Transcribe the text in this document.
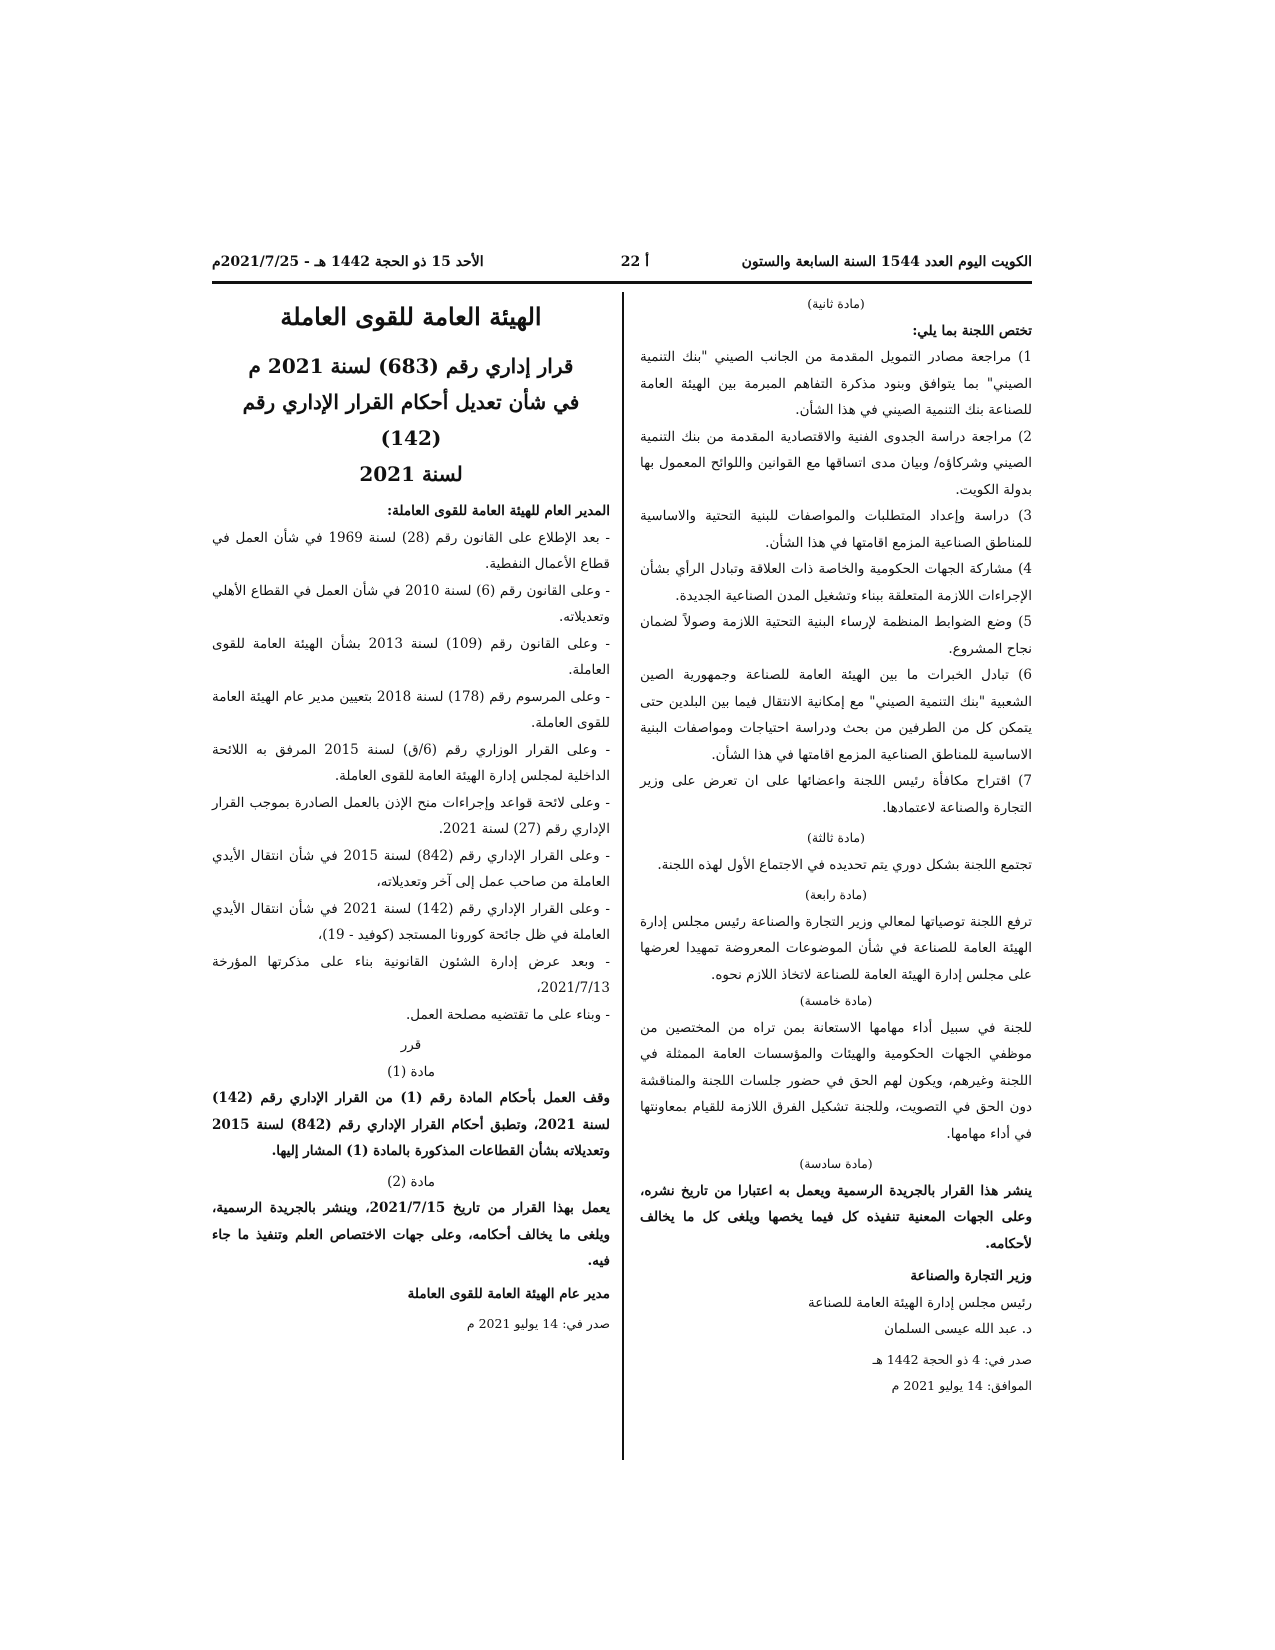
الكويت اليوم العدد 1544 السنة السابعة والستون
أ 22
الأحد 15 ذو الحجة 1442 هـ - 2021/7/25م

(مادة ثانية)

تختص اللجنة بما يلي:

1) مراجعة مصادر التمويل المقدمة من الجانب الصيني "بنك التنمية الصيني" بما يتوافق وبنود مذكرة التفاهم المبرمة بين الهيئة العامة للصناعة بنك التنمية الصيني في هذا الشأن.

2) مراجعة دراسة الجدوى الفنية والاقتصادية المقدمة من بنك التنمية الصيني وشركاؤه/ وبيان مدى اتساقها مع القوانين واللوائح المعمول بها بدولة الكويت.

3) دراسة وإعداد المتطلبات والمواصفات للبنية التحتية والاساسية للمناطق الصناعية المزمع اقامتها في هذا الشأن.

4) مشاركة الجهات الحكومية والخاصة ذات العلاقة وتبادل الرأي بشأن الإجراءات اللازمة المتعلقة ببناء وتشغيل المدن الصناعية الجديدة.

5) وضع الضوابط المنظمة لإرساء البنية التحتية اللازمة وصولاً لضمان نجاح المشروع.

6) تبادل الخبرات ما بين الهيئة العامة للصناعة وجمهورية الصين الشعبية "بنك التنمية الصيني" مع إمكانية الانتقال فيما بين البلدين حتى يتمكن كل من الطرفين من بحث ودراسة احتياجات ومواصفات البنية الاساسية للمناطق الصناعية المزمع اقامتها في هذا الشأن.

7) اقتراح مكافأة رئيس اللجنة واعضائها على ان تعرض على وزير التجارة والصناعة لاعتمادها.

(مادة ثالثة)

تجتمع اللجنة بشكل دوري يتم تحديده في الاجتماع الأول لهذه اللجنة.

(مادة رابعة)

ترفع اللجنة توصياتها لمعالي وزير التجارة والصناعة رئيس مجلس إدارة الهيئة العامة للصناعة في شأن الموضوعات المعروضة تمهيدا لعرضها على مجلس إدارة الهيئة العامة للصناعة لاتخاذ اللازم نحوه.

(مادة خامسة)

للجنة في سبيل أداء مهامها الاستعانة بمن تراه من المختصين من موظفي الجهات الحكومية والهيئات والمؤسسات العامة الممثلة في اللجنة وغيرهم، ويكون لهم الحق في حضور جلسات اللجنة والمناقشة دون الحق في التصويت، وللجنة تشكيل الفرق اللازمة للقيام بمعاونتها في أداء مهامها.

(مادة سادسة)

ينشر هذا القرار بالجريدة الرسمية ويعمل به اعتبارا من تاريخ نشره، وعلى الجهات المعنية تنفيذه كل فيما يخصها ويلغى كل ما يخالف لأحكامه.

وزير التجارة والصناعة

رئيس مجلس إدارة الهيئة العامة للصناعة

د. عبد الله عيسى السلمان

صدر في: 4 ذو الحجة 1442 هـ

الموافق: 14 يوليو 2021 م

الهيئة العامة للقوى العاملة
قرار إداري رقم (683) لسنة 2021 م
في شأن تعديل أحكام القرار الإداري رقم (142)
لسنة 2021

المدير العام للهيئة العامة للقوى العاملة:

- بعد الإطلاع على القانون رقم (28) لسنة 1969 في شأن العمل في قطاع الأعمال النفطية.

- وعلى القانون رقم (6) لسنة 2010 في شأن العمل في القطاع الأهلي وتعديلاته.

- وعلى القانون رقم (109) لسنة 2013 بشأن الهيئة العامة للقوى العاملة.

- وعلى المرسوم رقم (178) لسنة 2018 بتعيين مدير عام الهيئة العامة للقوى العاملة.

- وعلى القرار الوزاري رقم (6/ق) لسنة 2015 المرفق به اللائحة الداخلية لمجلس إدارة الهيئة العامة للقوى العاملة.

- وعلى لائحة قواعد وإجراءات منح الإذن بالعمل الصادرة بموجب القرار الإداري رقم (27) لسنة 2021.

- وعلى القرار الإداري رقم (842) لسنة 2015 في شأن انتقال الأيدي العاملة من صاحب عمل إلى آخر وتعديلاته،

- وعلى القرار الإداري رقم (142) لسنة 2021 في شأن انتقال الأيدي العاملة في ظل جائحة كورونا المستجد (كوفيد - 19)،

- وبعد عرض إدارة الشئون القانونية بناء على مذكرتها المؤرخة 2021/7/13،

- وبناء على ما تقتضيه مصلحة العمل.

قرر

مادة (1)

وقف العمل بأحكام المادة رقم (1) من القرار الإداري رقم (142) لسنة 2021، وتطبق أحكام القرار الإداري رقم (842) لسنة 2015 وتعديلاته بشأن القطاعات المذكورة بالمادة (1) المشار إليها.

مادة (2)

يعمل بهذا القرار من تاريخ 2021/7/15، وينشر بالجريدة الرسمية، ويلغى ما يخالف أحكامه، وعلى جهات الاختصاص العلم وتنفيذ ما جاء فيه.

مدير عام الهيئة العامة للقوى العاملة

صدر في: 14 يوليو 2021 م
